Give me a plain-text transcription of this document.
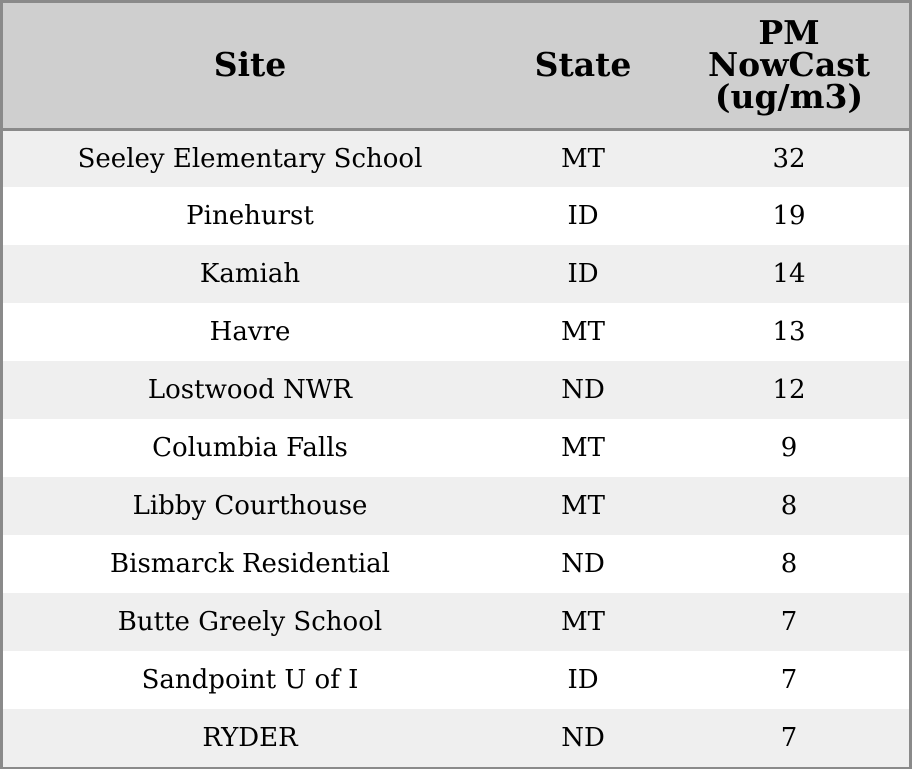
Site	State	PM
NowCast
(ug/m3)

Seeley Elementary School	MT	32
Pinehurst	ID	19
Kamiah	ID	14
Havre	MT	13
Lostwood NWR	ND	12
Columbia Falls	MT	9
Libby Courthouse	MT	8
Bismarck Residential	ND	8
Butte Greely School	MT	7
Sandpoint U of I	ID	7
RYDER	ND	7
